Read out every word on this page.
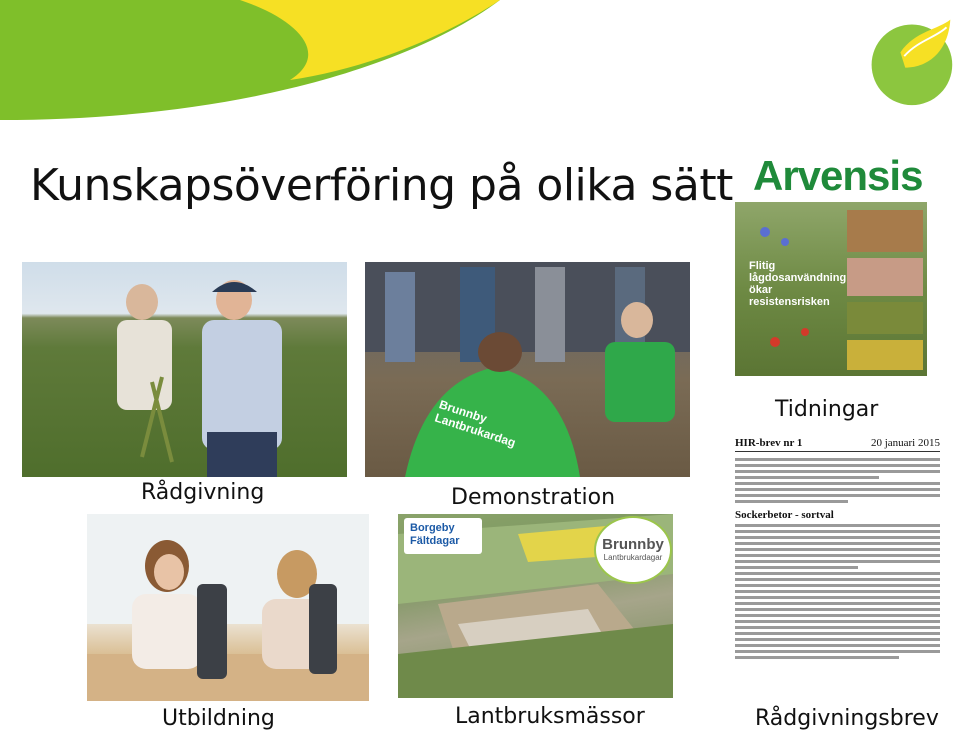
Kunskapsöverföring på olika sätt
Rådgivning
Brunnby Lantbrukardag
Demonstration
Utbildning
Borgeby Fältdagar	Brunnby
Lantbrukardagar
Lantbruksmässor
Arvensis
Flitig lågdosanvändning ökar resistensrisken
Tidningar
HIR-brev nr 1	20 januari 2015
Sockerbetor - sortval
Rådgivningsbrev
